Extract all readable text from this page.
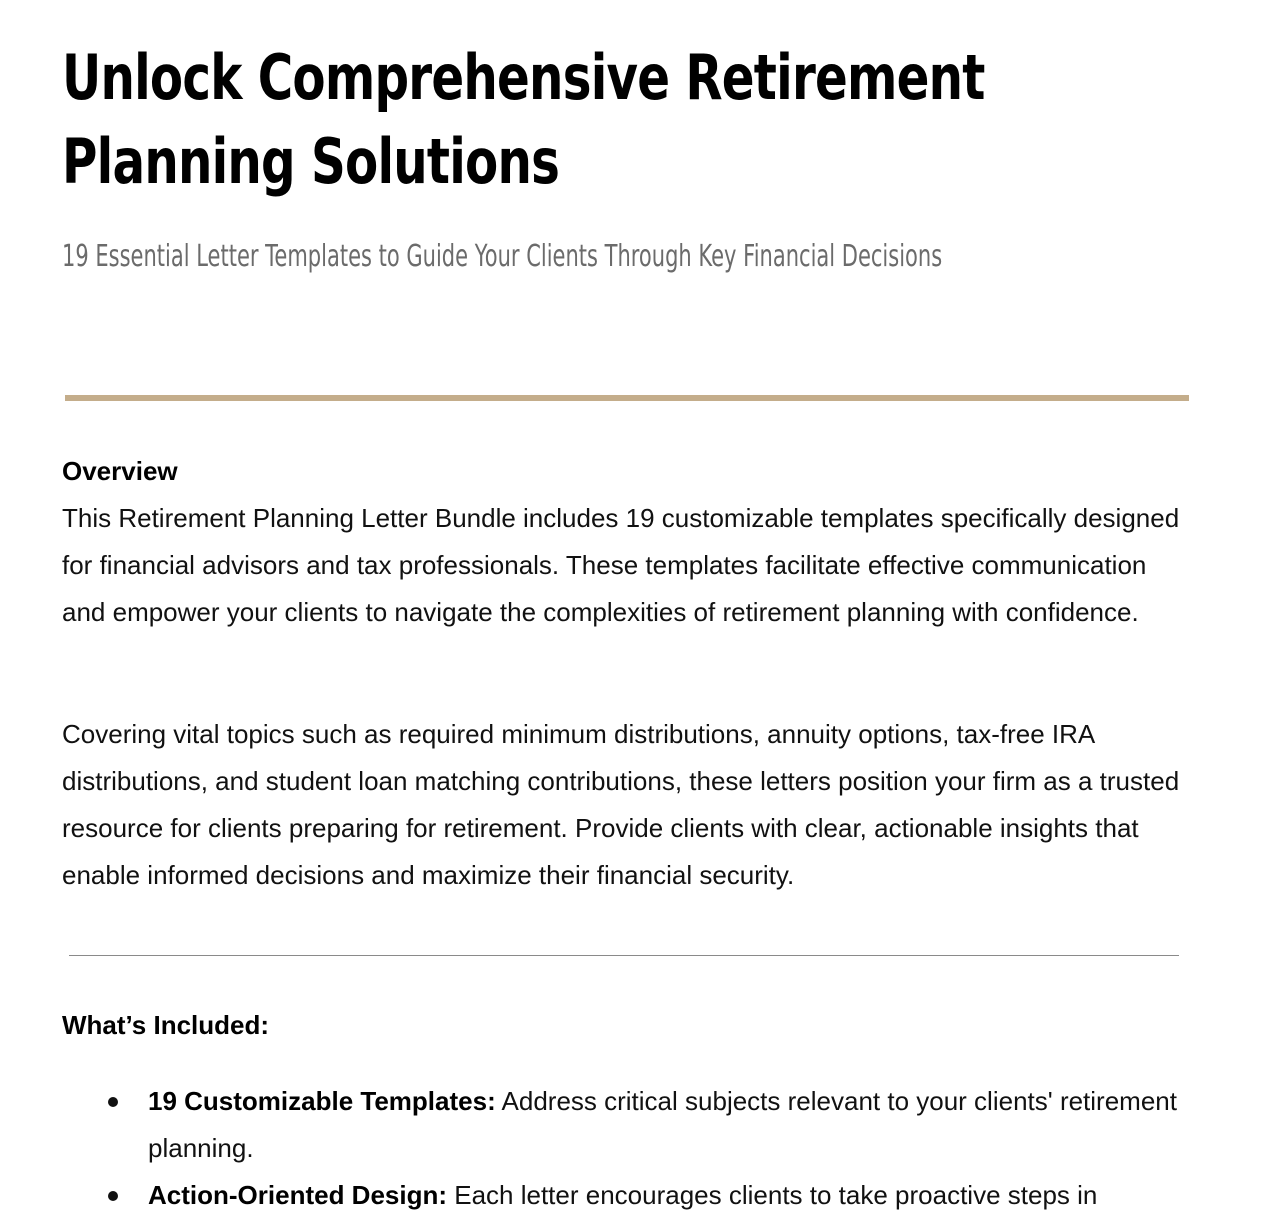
Unlock Comprehensive Retirement Planning Solutions
19 Essential Letter Templates to Guide Your Clients Through Key Financial Decisions
Overview

This Retirement Planning Letter Bundle includes 19 customizable templates specifically designed for financial advisors and tax professionals. These templates facilitate effective communication and empower your clients to navigate the complexities of retirement planning with confidence.

Covering vital topics such as required minimum distributions, annuity options, tax-free IRA distributions, and student loan matching contributions, these letters position your firm as a trusted resource for clients preparing for retirement. Provide clients with clear, actionable insights that enable informed decisions and maximize their financial security.

What’s Included:
19 Customizable Templates: Address critical subjects relevant to your clients' retirement planning.
Action-Oriented Design: Each letter encourages clients to take proactive steps in
